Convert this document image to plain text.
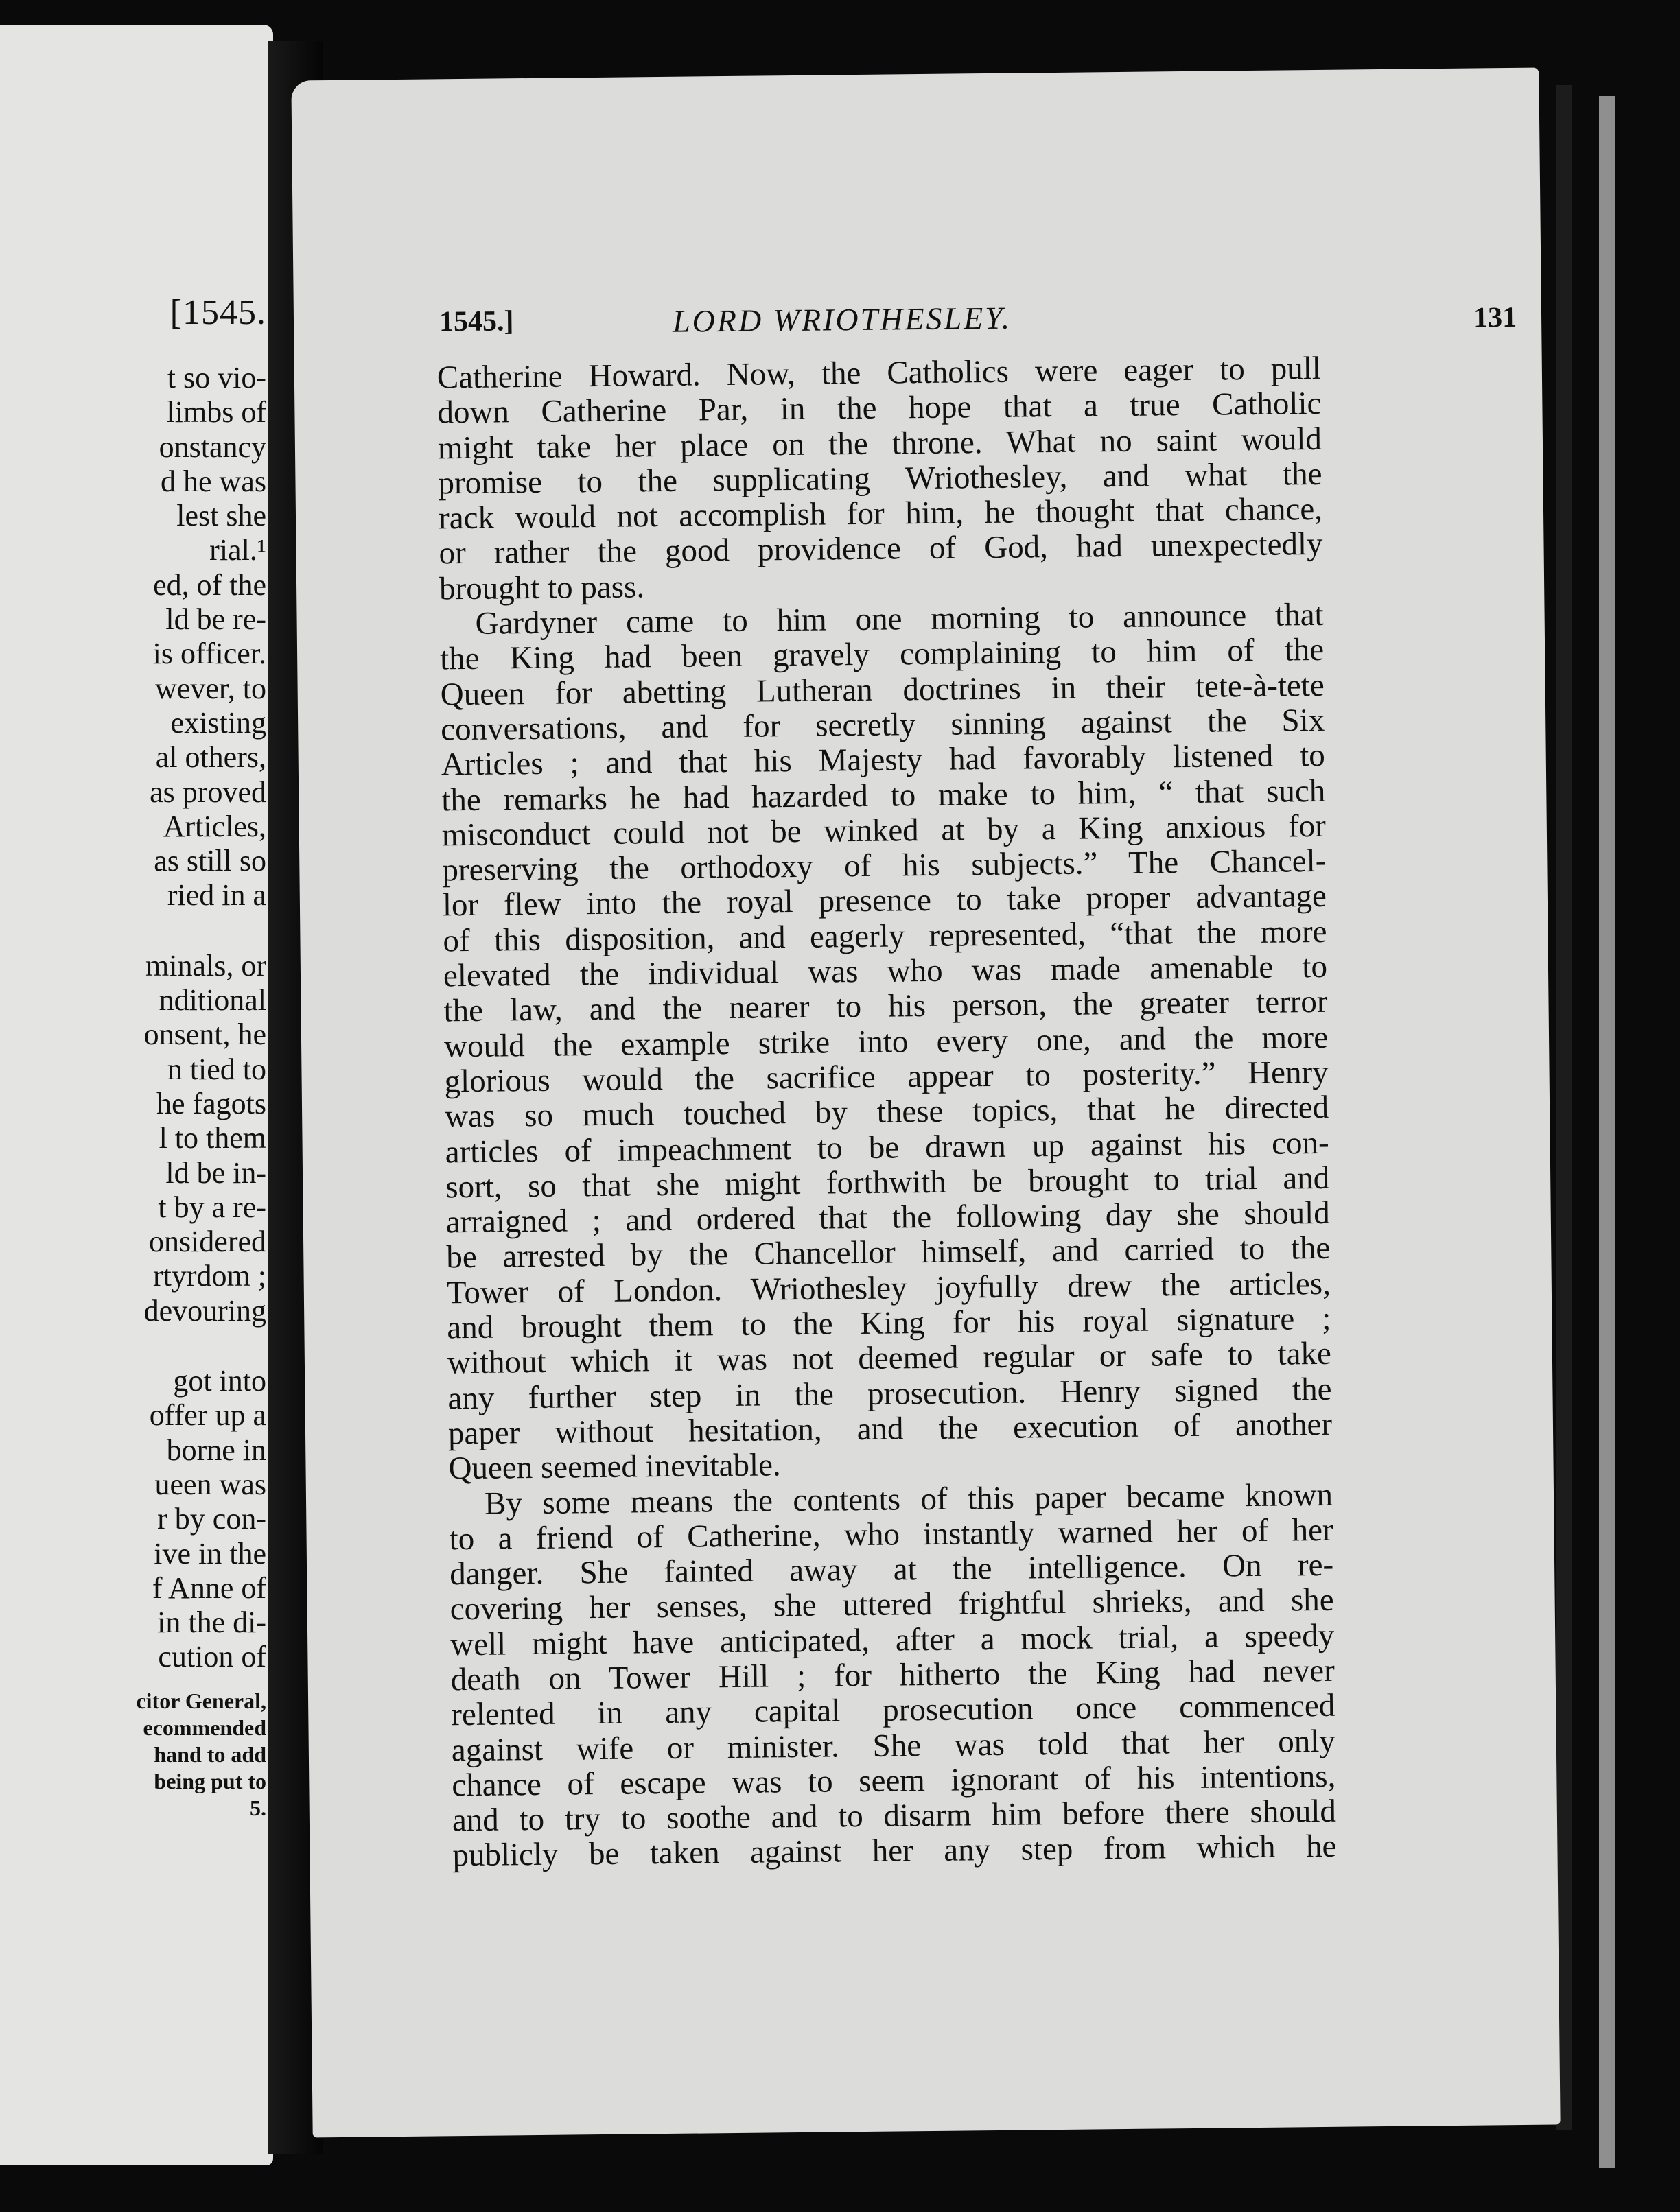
[1545.
t so vio-
limbs of
onstancy
d he was
lest she
rial.¹
ed, of the
ld be re-
is officer.
wever, to
existing
al others,
as proved
Articles,
as still so
ried in a
minals, or
nditional
onsent, he
n tied to
he fagots
l to them
ld be in-
t by a re-
onsidered
rtyrdom ;
devouring
got into
offer up a
borne in
ueen was
r by con-
ive in the
f Anne of
in the di-
cution of
citor General,
ecommended
hand to add
being put to
5.
1545.]	LORD WRIOTHESLEY.	131
Catherine Howard. Now, the Catholics were eager to pull
down Catherine Par, in the hope that a true Catholic
might take her place on the throne. What no saint would
promise to the supplicating Wriothesley, and what the
rack would not accomplish for him, he thought that chance,
or rather the good providence of God, had unexpectedly
brought to pass.
Gardyner came to him one morning to announce that
the King had been gravely complaining to him of the
Queen for abetting Lutheran doctrines in their tete-à-tete
conversations, and for secretly sinning against the Six
Articles ; and that his Majesty had favorably listened to
the remarks he had hazarded to make to him, “ that such
misconduct could not be winked at by a King anxious for
preserving the orthodoxy of his subjects.” The Chancel-
lor flew into the royal presence to take proper advantage
of this disposition, and eagerly represented, “that the more
elevated the individual was who was made amenable to
the law, and the nearer to his person, the greater terror
would the example strike into every one, and the more
glorious would the sacrifice appear to posterity.” Henry
was so much touched by these topics, that he directed
articles of impeachment to be drawn up against his con-
sort, so that she might forthwith be brought to trial and
arraigned ; and ordered that the following day she should
be arrested by the Chancellor himself, and carried to the
Tower of London. Wriothesley joyfully drew the articles,
and brought them to the King for his royal signature ;
without which it was not deemed regular or safe to take
any further step in the prosecution. Henry signed the
paper without hesitation, and the execution of another
Queen seemed inevitable.
By some means the contents of this paper became known
to a friend of Catherine, who instantly warned her of her
danger. She fainted away at the intelligence. On re-
covering her senses, she uttered frightful shrieks, and she
well might have anticipated, after a mock trial, a speedy
death on Tower Hill ; for hitherto the King had never
relented in any capital prosecution once commenced
against wife or minister. She was told that her only
chance of escape was to seem ignorant of his intentions,
and to try to soothe and to disarm him before there should
publicly be taken against her any step from which he
